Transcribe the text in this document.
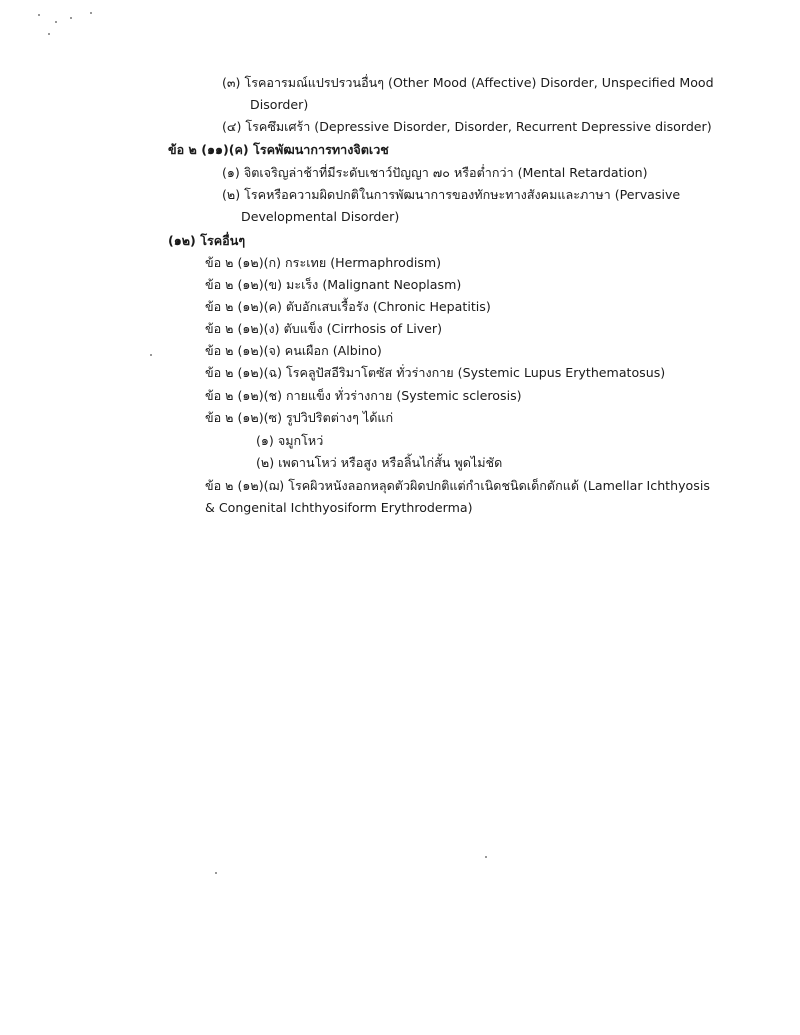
(๓) โรคอารมณ์แปรปรวนอื่นๆ (Other Mood (Affective) Disorder, Unspecified Mood
Disorder)
(๔) โรคซึมเศร้า (Depressive Disorder, Disorder, Recurrent Depressive disorder)
ข้อ ๒ (๑๑)(ค) โรคพัฒนาการทางจิตเวช
(๑) จิตเจริญล่าช้าที่มีระดับเชาว์ปัญญา ๗๐ หรือต่ำกว่า (Mental Retardation)
(๒) โรคหรือความผิดปกติในการพัฒนาการของทักษะทางสังคมและภาษา (Pervasive
Developmental Disorder)
(๑๒) โรคอื่นๆ
ข้อ ๒ (๑๒)(ก) กระเทย (Hermaphrodism)
ข้อ ๒ (๑๒)(ข) มะเร็ง (Malignant Neoplasm)
ข้อ ๒ (๑๒)(ค) ตับอักเสบเรื้อรัง (Chronic Hepatitis)
ข้อ ๒ (๑๒)(ง) ตับแข็ง (Cirrhosis of Liver)
ข้อ ๒ (๑๒)(จ) คนเผือก (Albino)
ข้อ ๒ (๑๒)(ฉ) โรคลูปัสอีริมาโตซัส ทั่วร่างกาย (Systemic Lupus Erythematosus)
ข้อ ๒ (๑๒)(ช) กายแข็ง ทั่วร่างกาย (Systemic sclerosis)
ข้อ ๒ (๑๒)(ซ) รูปวิปริตต่างๆ ได้แก่
(๑) จมูกโหว่
(๒) เพดานโหว่ หรือสูง หรือลิ้นไก่สั้น พูดไม่ชัด
ข้อ ๒ (๑๒)(ฌ) โรคผิวหนังลอกหลุดตัวผิดปกติแต่กำเนิดชนิดเด็กดักแด้ (Lamellar Ichthyosis
& Congenital Ichthyosiform Erythroderma)
